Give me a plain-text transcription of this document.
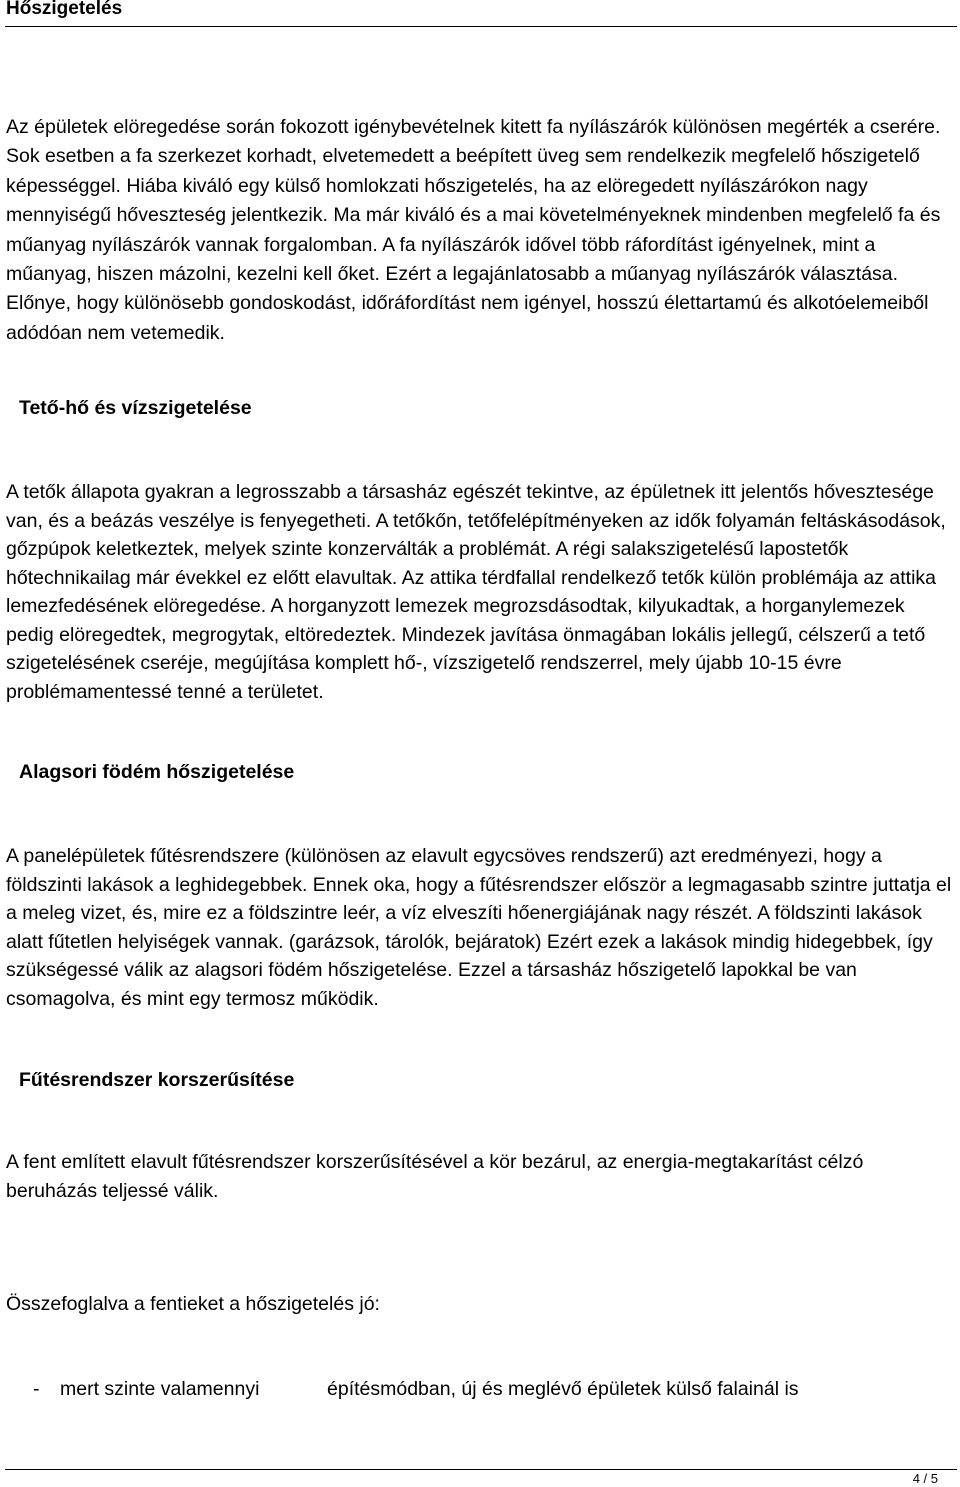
Hőszigetelés

Az épületek elöregedése során fokozott igénybevételnek kitett fa nyílászárók különösen megérték a cserére. Sok esetben a fa szerkezet korhadt, elvetemedett a beépített üveg sem rendelkezik megfelelő hőszigetelő képességgel. Hiába kiváló egy külső homlokzati hőszigetelés, ha az elöregedett nyílászárókon nagy mennyiségű hőveszteség jelentkezik. Ma már kiváló és a mai követelményeknek mindenben megfelelő fa és műanyag nyílászárók vannak forgalomban. A fa nyílászárók idővel több ráfordítást igényelnek, mint a műanyag, hiszen mázolni, kezelni kell őket. Ezért a legajánlatosabb a műanyag nyílászárók választása. Előnye, hogy különösebb gondoskodást, időráfordítást nem igényel, hosszú élettartamú és alkotóelemeiből adódóan nem vetemedik.

Tető-hő és vízszigetelése

A tetők állapota gyakran a legrosszabb a társasház egészét tekintve, az épületnek itt jelentős hővesztesége van, és a beázás veszélye is fenyegetheti. A tetőkőn, tetőfelépítményeken az idők folyamán feltáskásodások, gőzpúpok keletkeztek, melyek szinte konzerválták a problémát. A régi salakszigetelésű lapostetők hőtechnikailag már évekkel ez előtt elavultak. Az attika térdfallal rendelkező tetők külön problémája az attika lemezfedésének elöregedése. A horganyzott lemezek megrozsdásodtak, kilyukadtak, a horganylemezek pedig elöregedtek, megrogytak, eltöredeztek. Mindezek javítása önmagában lokális jellegű, célszerű a tető szigetelésének cseréje, megújítása komplett hő-, vízszigetelő rendszerrel, mely újabb 10-15 évre problémamentessé tenné a területet.

Alagsori födém hőszigetelése

A panelépületek fűtésrendszere (különösen az elavult egycsöves rendszerű) azt eredményezi, hogy a földszinti lakások a leghidegebbek. Ennek oka, hogy a fűtésrendszer először a legmagasabb szintre juttatja el a meleg vizet, és, mire ez a földszintre leér, a víz elveszíti hőenergiájának nagy részét. A földszinti lakások alatt fűtetlen helyiségek vannak. (garázsok, tárolók, bejáratok) Ezért ezek a lakások mindig hidegebbek, így szükségessé válik az alagsori födém hőszigetelése. Ezzel a társasház hőszigetelő lapokkal be van csomagolva, és mint egy termosz működik.

Fűtésrendszer korszerűsítése

A fent említett elavult fűtésrendszer korszerűsítésével a kör bezárul, az energia-megtakarítást célzó beruházás teljessé válik.

Összefoglalva a fentieket a hőszigetelés jó:

- mert szinte valamennyi	építésmódban, új és meglévő épületek külső falainál is
4 / 5
